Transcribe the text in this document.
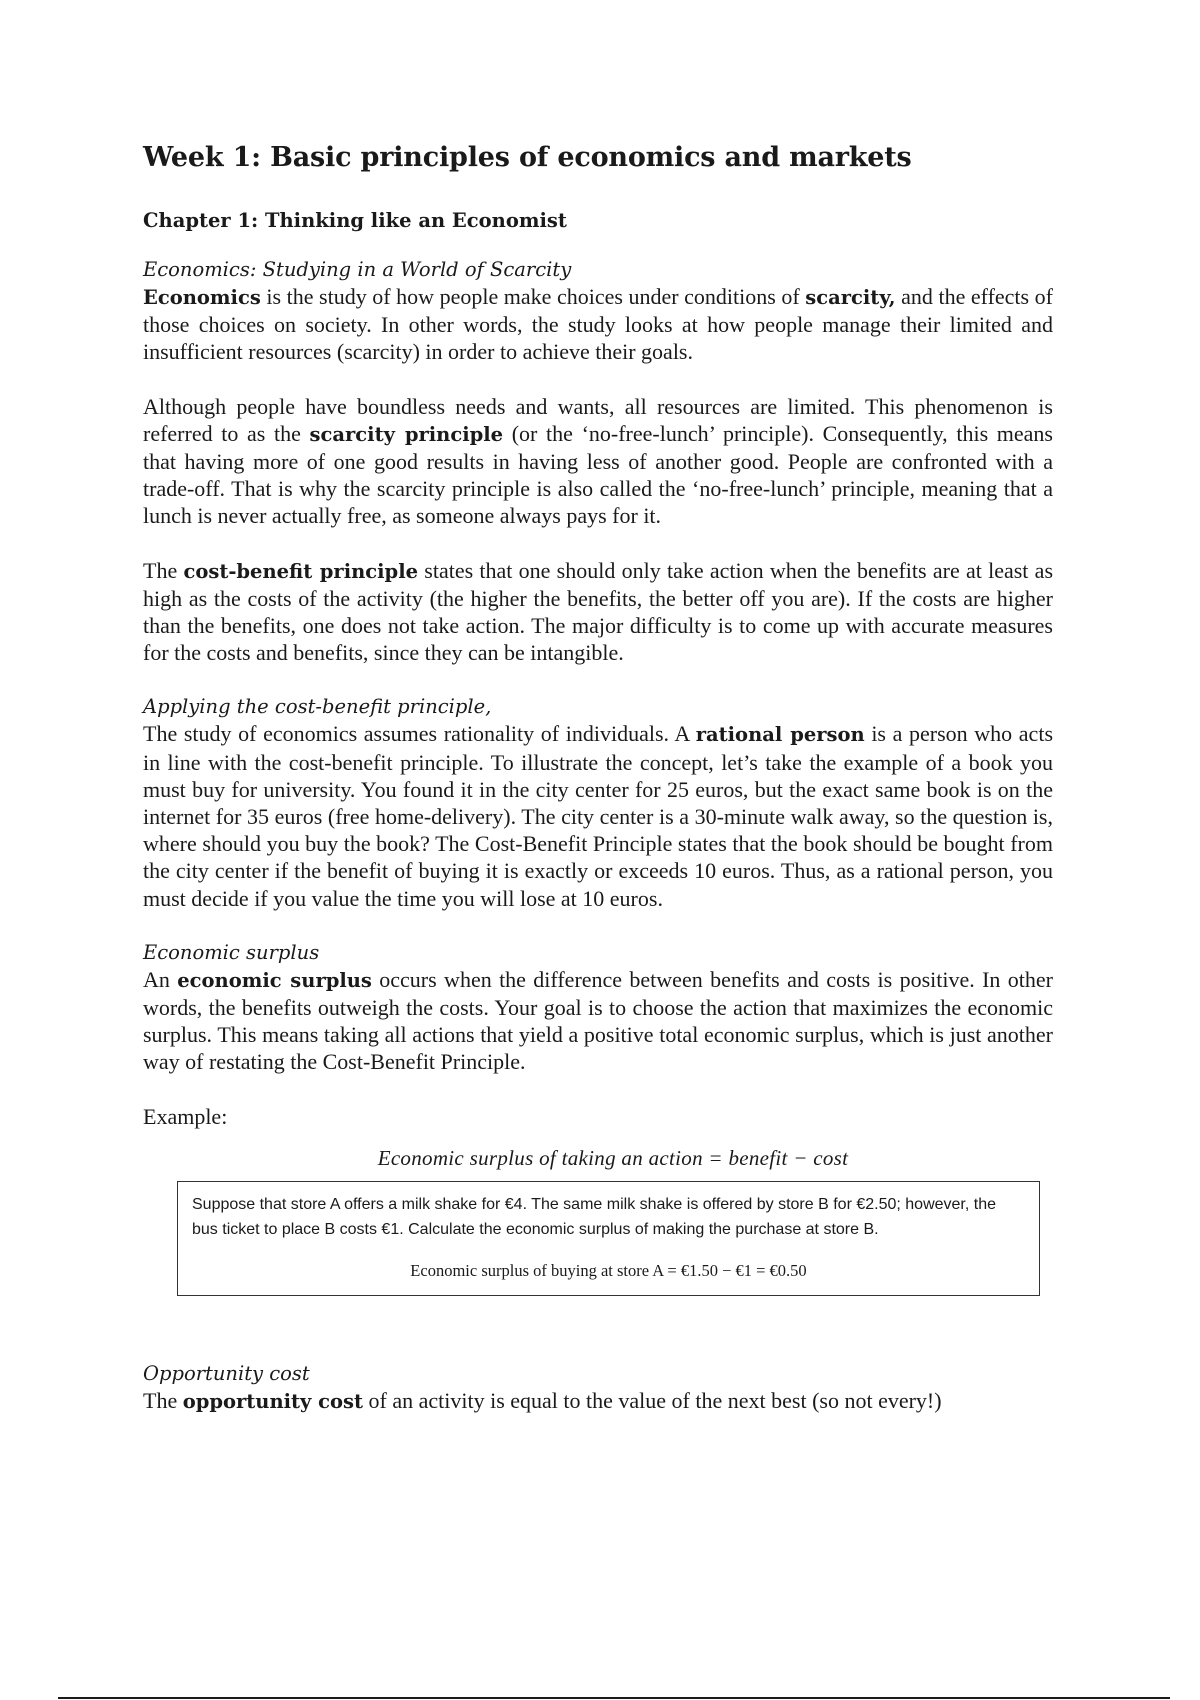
Week 1: Basic principles of economics and markets
Chapter 1: Thinking like an Economist
Economics: Studying in a World of Scarcity

Economics is the study of how people make choices under conditions of scarcity, and the effects of those choices on society. In other words, the study looks at how people manage their limited and insufficient resources (scarcity) in order to achieve their goals.

Although people have boundless needs and wants, all resources are limited. This phenomenon is referred to as the scarcity principle (or the ‘no-free-lunch’ principle). Consequently, this means that having more of one good results in having less of another good. People are confronted with a trade-off. That is why the scarcity principle is also called the ‘no-free-lunch’ principle, meaning that a lunch is never actually free, as someone always pays for it.

The cost-benefit principle states that one should only take action when the benefits are at least as high as the costs of the activity (the higher the benefits, the better off you are). If the costs are higher than the benefits, one does not take action. The major difficulty is to come up with accurate measures for the costs and benefits, since they can be intangible.

Applying the cost-benefit principle,

The study of economics assumes rationality of individuals. A rational person is a person who acts in line with the cost-benefit principle. To illustrate the concept, let’s take the example of a book you must buy for university. You found it in the city center for 25 euros, but the exact same book is on the internet for 35 euros (free home-delivery). The city center is a 30-minute walk away, so the question is, where should you buy the book? The Cost-Benefit Principle states that the book should be bought from the city center if the benefit of buying it is exactly or exceeds 10 euros. Thus, as a rational person, you must decide if you value the time you will lose at 10 euros.

Economic surplus

An economic surplus occurs when the difference between benefits and costs is positive. In other words, the benefits outweigh the costs. Your goal is to choose the action that maximizes the economic surplus. This means taking all actions that yield a positive total economic surplus, which is just another way of restating the Cost-Benefit Principle.

Example:

Economic surplus of taking an action = benefit − cost
Suppose that store A offers a milk shake for €4. The same milk shake is offered by store B for €2.50; however, the bus ticket to place B costs €1. Calculate the economic surplus of making the purchase at store B.
Economic surplus of buying at store A = €1.50 − €1 = €0.50
Opportunity cost

The opportunity cost of an activity is equal to the value of the next best (so not every!)
